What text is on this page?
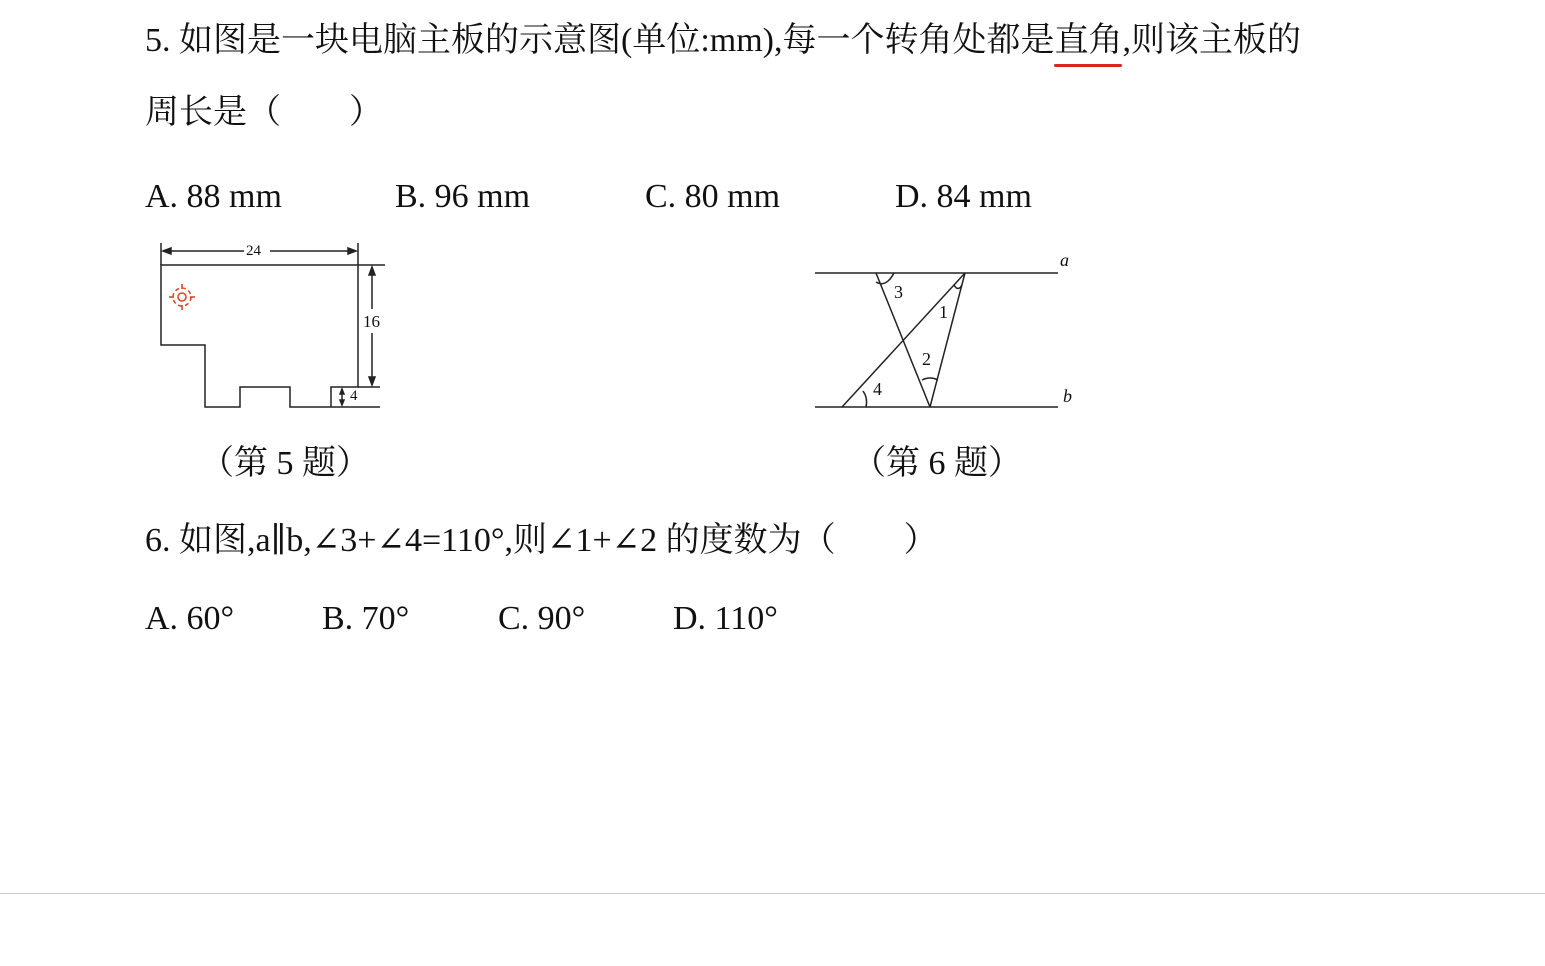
5. 如图是一块电脑主板的示意图(单位:mm),每一个转角处都是直角,则该主板的
周长是（　　）
A. 88 mm	B. 96 mm	C. 80 mm	D. 84 mm
24
16
4
a
b
1
2
3
4
（第 5 题）	（第 6 题）
6. 如图,a∥b,∠3+∠4=110°,则∠1+∠2 的度数为（　　）
A. 60°	B. 70°	C. 90°	D. 110°
